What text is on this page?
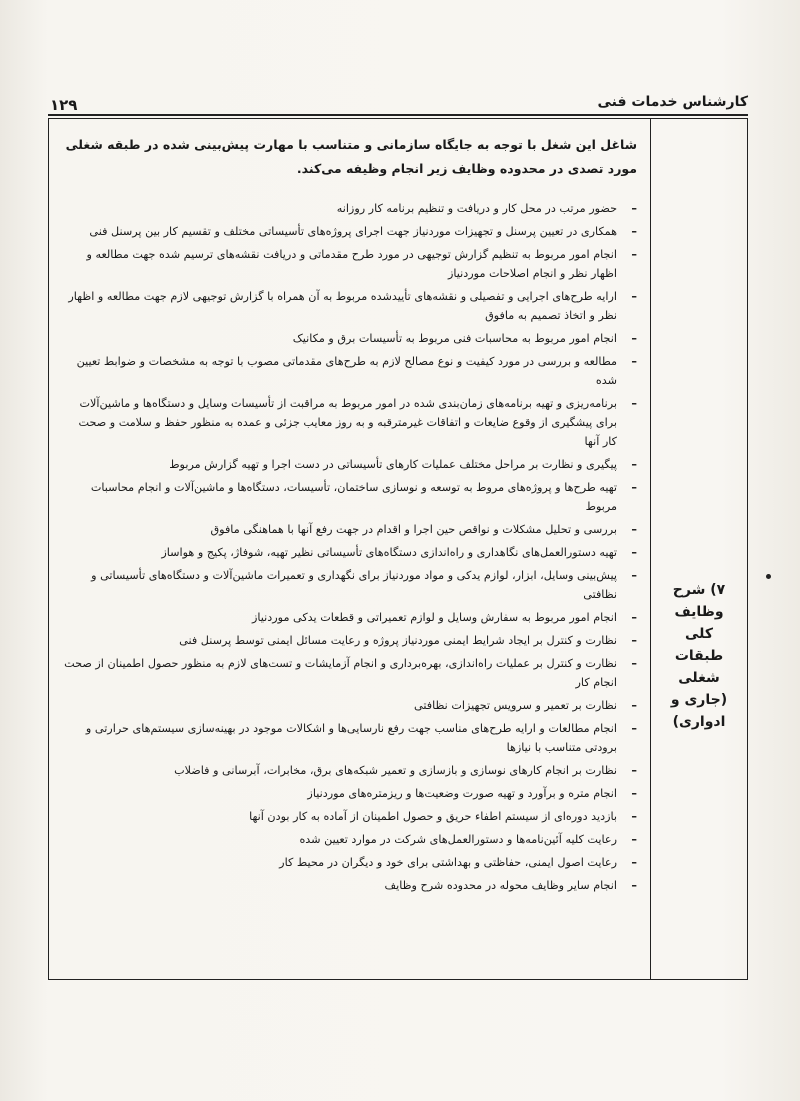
۱۲۹	کارشناس خدمات فنی
شاغل این شغل با توجه به جایگاه سازمانی و متناسب با مهارت پیش‌بینی شده در طبقه شغلی مورد تصدی در محدوده وظایف زیر انجام وظیفه می‌کند.
–
حضور مرتب در محل کار و دریافت و تنظیم برنامه کار روزانه
–
همکاری در تعیین پرسنل و تجهیزات موردنیاز جهت اجرای پروژه‌های تأسیساتی مختلف و تقسیم کار بین پرسنل فنی
–
انجام امور مربوط به تنظیم گزارش توجیهی در مورد طرح مقدماتی و دریافت نقشه‌های ترسیم شده جهت مطالعه و اظهار نظر و انجام اصلاحات موردنیاز
–
ارایه طرح‌های اجرایی و تفصیلی و نقشه‌های تأییدشده مربوط به آن همراه با گزارش توجیهی لازم جهت مطالعه و اظهار نظر و اتخاذ تصمیم به مافوق
–
انجام امور مربوط به محاسبات فنی مربوط به تأسیسات برق و مکانیک
–
مطالعه و بررسی در مورد کیفیت و نوع مصالح لازم به طرح‌های مقدماتی مصوب با توجه به مشخصات و ضوابط تعیین شده
–
برنامه‌ریزی و تهیه برنامه‌های زمان‌بندی شده در امور مربوط به مراقبت از تأسیسات وسایل و دستگاه‌ها و ماشین‌آلات برای پیشگیری از وقوع ضایعات و اتفاقات غیرمترقبه و به روز معایب جزئی و عمده به منظور حفظ و سلامت و صحت کار آنها
–
پیگیری و نظارت بر مراحل مختلف عملیات کارهای تأسیساتی در دست اجرا و تهیه گزارش مربوط
–
تهیه طرح‌ها و پروژه‌های مروط به توسعه و نوسازی ساختمان، تأسیسات، دستگاه‌ها و ماشین‌آلات و انجام محاسبات مربوط
–
بررسی و تحلیل مشکلات و نواقص حین اجرا و اقدام در جهت رفع آنها با هماهنگی مافوق
–
تهیه دستورالعمل‌های نگاهداری و راه‌اندازی دستگاه‌های تأسیساتی نظیر تهیه، شوفاژ، پکیج و هواساز
–
پیش‌بینی وسایل، ابزار، لوازم یدکی و مواد موردنیاز برای نگهداری و تعمیرات ماشین‌آلات و دستگاه‌های تأسیساتی و نظافتی
–
انجام امور مربوط به سفارش وسایل و لوازم تعمیراتی و قطعات یدکی موردنیاز
–
نظارت و کنترل بر ایجاد شرایط ایمنی موردنیاز پروژه و رعایت مسائل ایمنی توسط پرسنل فنی
–
نظارت و کنترل بر عملیات راه‌اندازی، بهره‌برداری و انجام آزمایشات و تست‌های لازم به منظور حصول اطمینان از صحت انجام کار
–
نظارت بر تعمیر و سرویس تجهیزات نظافتی
–
انجام مطالعات و ارایه طرح‌های مناسب جهت رفع نارسایی‌ها و اشکالات موجود در بهینه‌سازی سیستم‌های حرارتی و برودتی متناسب با نیازها
–
نظارت بر انجام کارهای نوسازی و بازسازی و تعمیر شبکه‌های برق، مخابرات، آبرسانی و فاضلاب
–
انجام متره و برآورد و تهیه صورت وضعیت‌ها و ریزمتره‌های موردنیاز
–
بازدید دوره‌ای از سیستم اطفاء حریق و حصول اطمینان از آماده به کار بودن آنها
–
رعایت کلیه آئین‌نامه‌ها و دستورالعمل‌های شرکت در موارد تعیین شده
–
رعایت اصول ایمنی، حفاظتی و بهداشتی برای خود و دیگران در محیط کار
–
انجام سایر وظایف محوله در محدوده شرح وظایف
۷) شرح
وظایف
کلی
طبقات
شغلی
(جاری و
ادواری)
